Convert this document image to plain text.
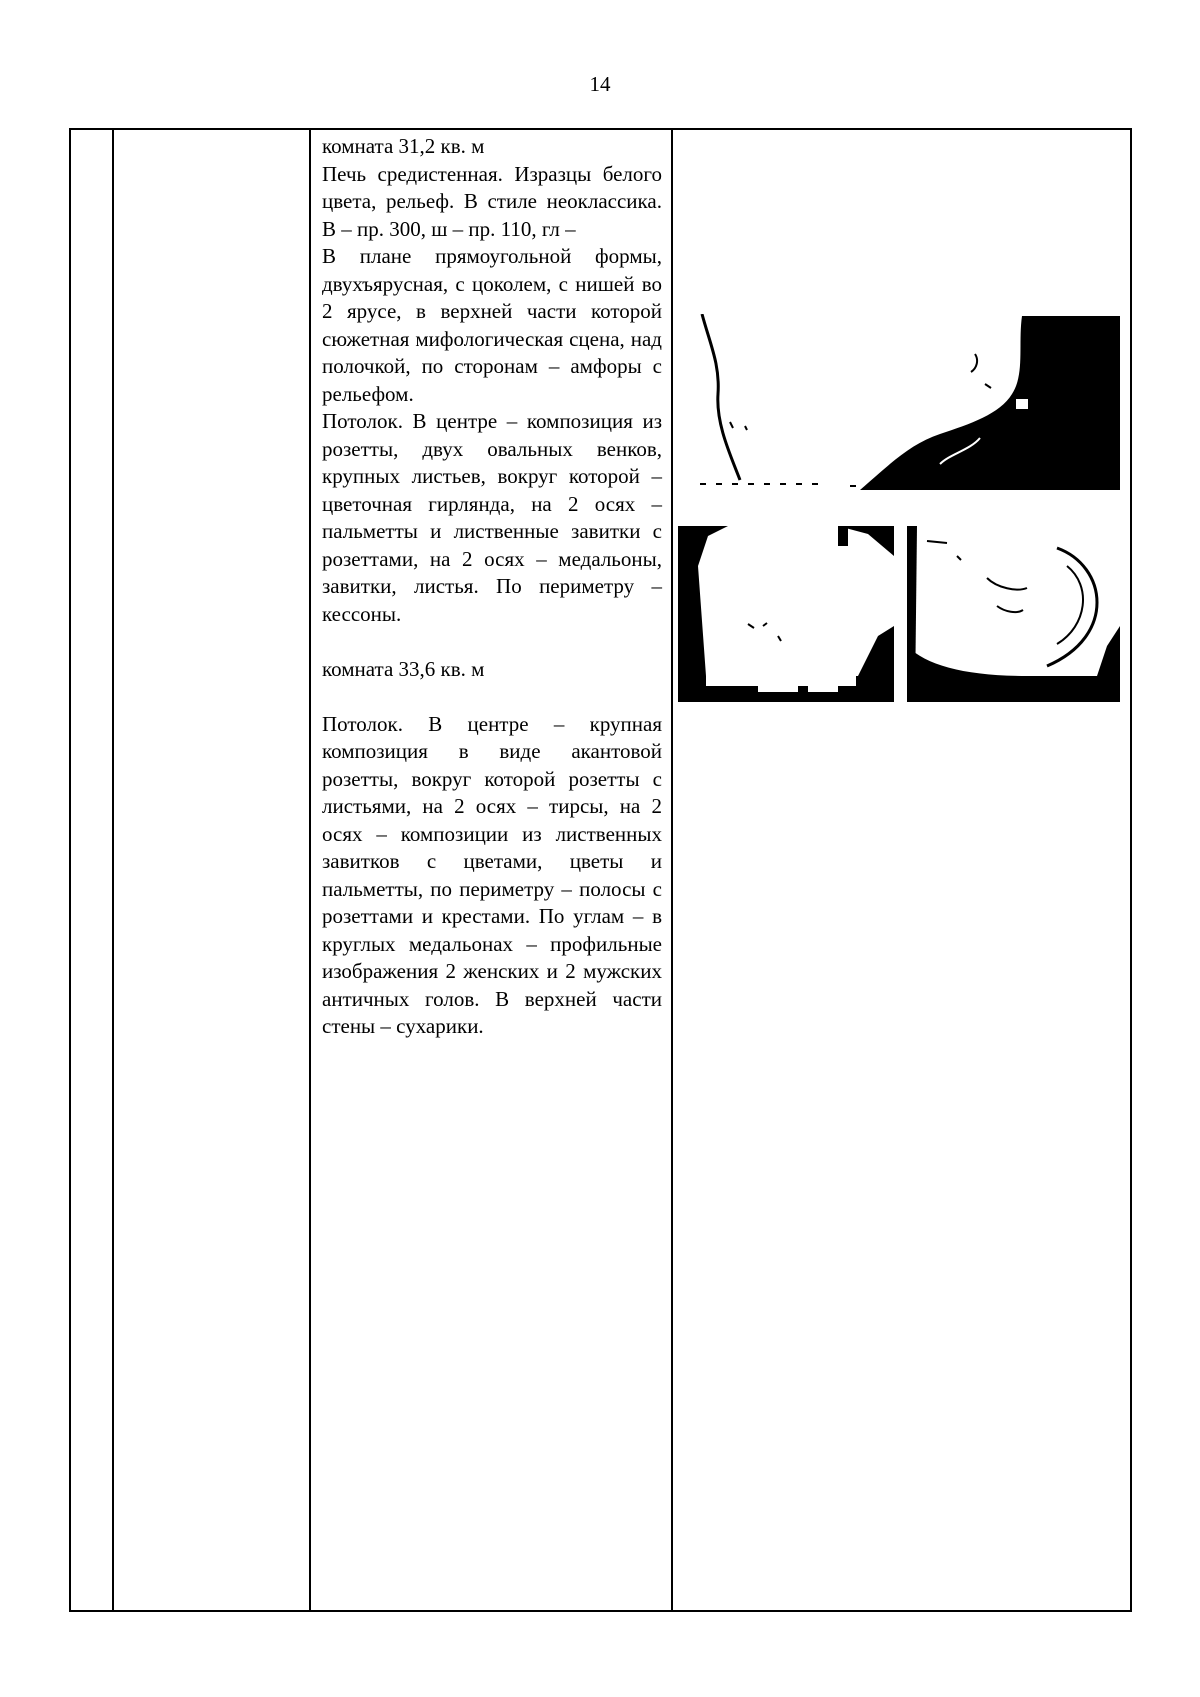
14

комната 31,2 кв. м

Печь средистенная. Изразцы белого цвета, рельеф. В стиле неоклассика. В – пр. 300, ш – пр. 110, гл –

В плане прямоугольной формы, двухъярусная, с цоколем, с нишей во 2 ярусе, в верхней части которой сюжетная мифологическая сцена, над полочкой, по сторонам – амфоры с рельефом.

Потолок. В центре – композиция из розетты, двух овальных венков, крупных листьев, вокруг которой – цветочная гирлянда, на 2 осях – пальметты и лиственные завитки с розеттами, на 2 осях – медальоны, завитки, листья. По периметру – кессоны.

комната 33,6 кв. м

Потолок. В центре – крупная композиция в виде акантовой розетты, вокруг которой розетты с листьями, на 2 осях – тирсы, на 2 осях – композиции из лиственных завитков с цветами, цветы и пальметты, по периметру – полосы с розеттами и крестами. По углам – в круглых медальонах – профильные изображения 2 женских и 2 мужских античных голов. В верхней части стены – сухарики.
